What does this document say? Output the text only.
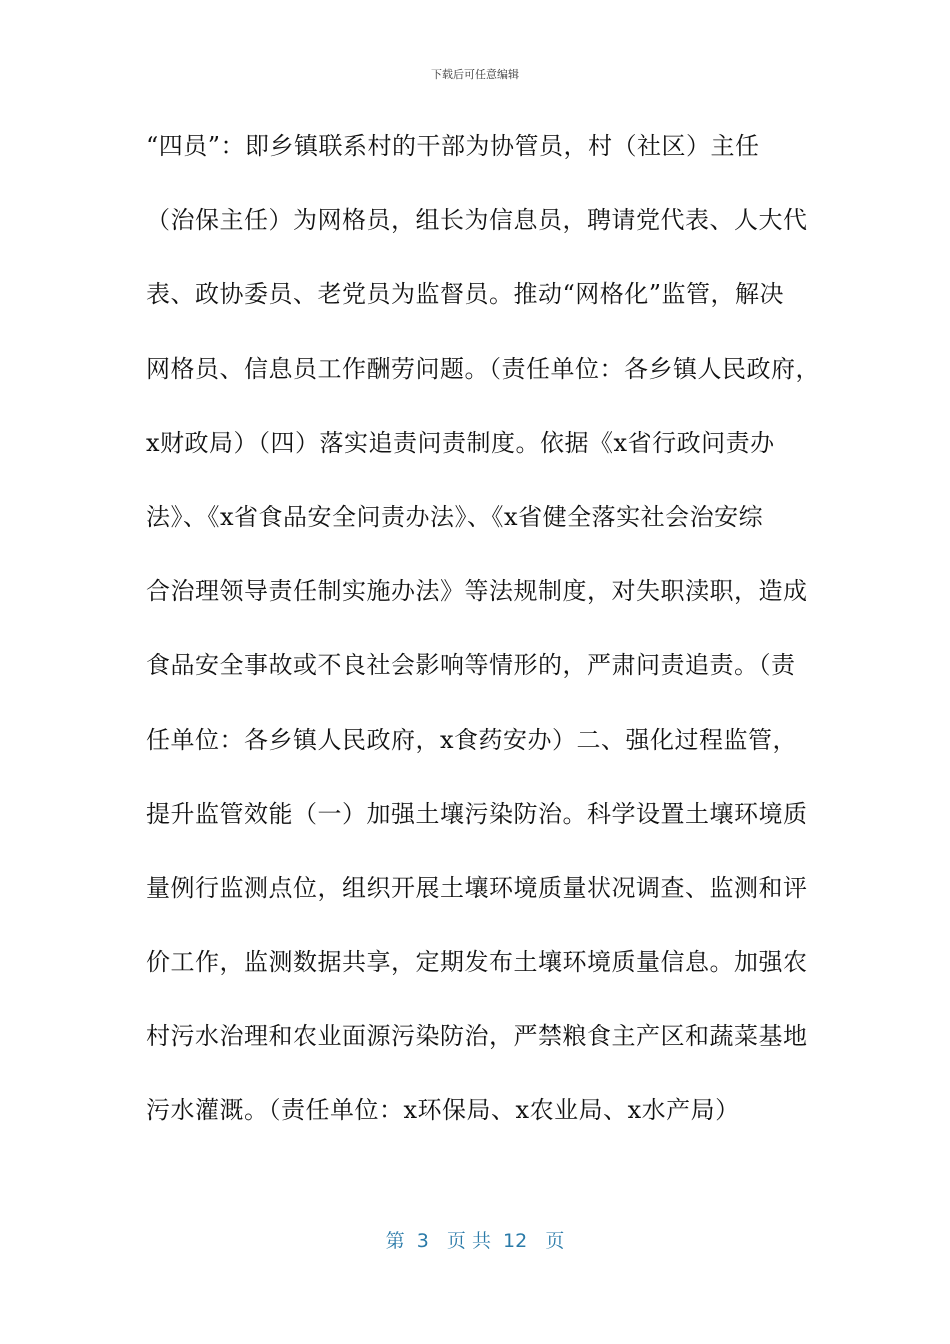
下载后可任意编辑
“四员”：即乡镇联系村的干部为协管员，村（社区）主任
（治保主任）为网格员，组长为信息员，聘请党代表、人大代
表、政协委员、老党员为监督员。推动“网格化”监管，解决
网格员、信息员工作酬劳问题。（责任单位：各乡镇人民政府，
x财政局）（四）落实追责问责制度。依据《x省行政问责办
法》、《x省食品安全问责办法》、《x省健全落实社会治安综
合治理领导责任制实施办法》等法规制度，对失职渎职，造成
食品安全事故或不良社会影响等情形的，严肃问责追责。（责
任单位：各乡镇人民政府，x食药安办）二、强化过程监管，
提升监管效能（一）加强土壤污染防治。科学设置土壤环境质
量例行监测点位，组织开展土壤环境质量状况调查、监测和评
价工作，监测数据共享，定期发布土壤环境质量信息。加强农
村污水治理和农业面源污染防治，严禁粮食主产区和蔬菜基地
污水灌溉。（责任单位：x环保局、x农业局、x水产局）
第  3   页 共  12   页
